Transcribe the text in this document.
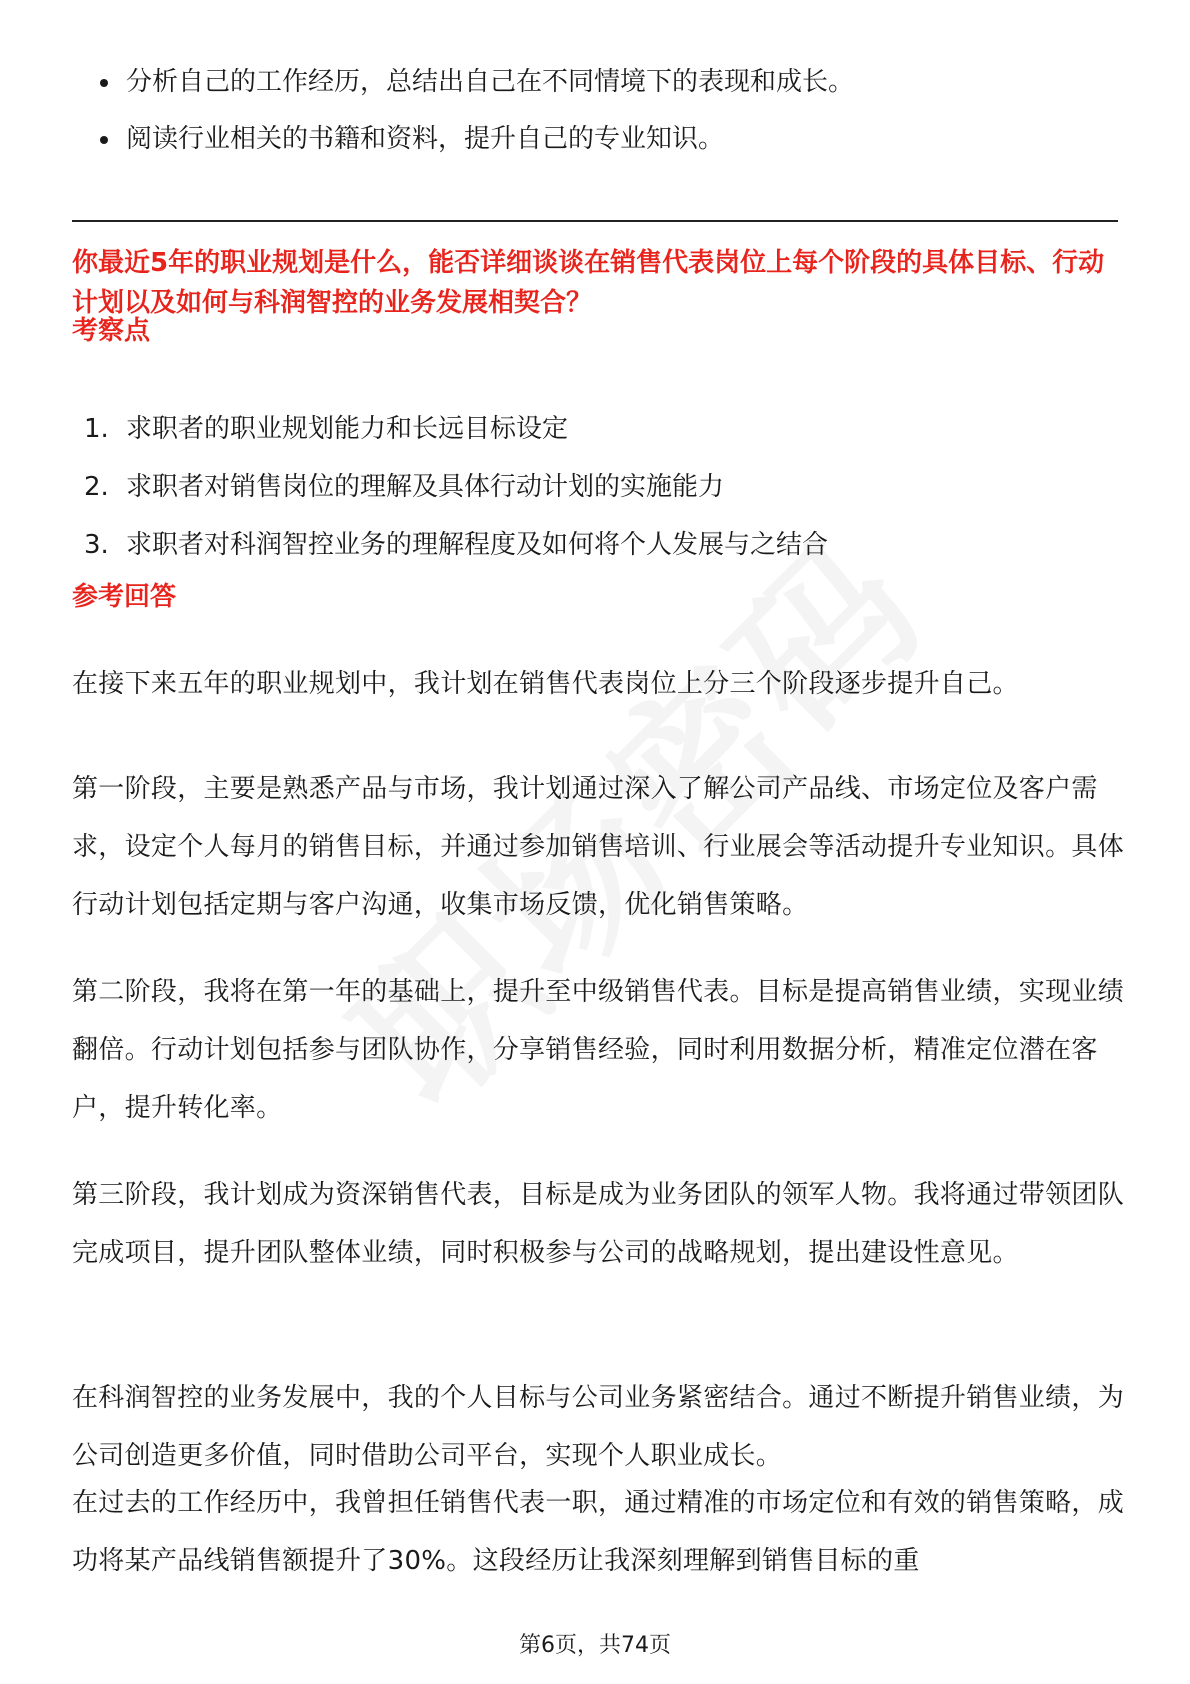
分析自己的工作经历，总结出自己在不同情境下的表现和成长。
阅读行业相关的书籍和资料，提升自己的专业知识。
你最近5年的职业规划是什么，能否详细谈谈在销售代表岗位上每个阶段的具体目标、行动计划以及如何与科润智控的业务发展相契合？
考察点
1. 求职者的职业规划能力和长远目标设定
2. 求职者对销售岗位的理解及具体行动计划的实施能力
3. 求职者对科润智控业务的理解程度及如何将个人发展与之结合
参考回答
在接下来五年的职业规划中，我计划在销售代表岗位上分三个阶段逐步提升自己。
第一阶段，主要是熟悉产品与市场，我计划通过深入了解公司产品线、市场定位及客户需求，设定个人每月的销售目标，并通过参加销售培训、行业展会等活动提升专业知识。具体行动计划包括定期与客户沟通，收集市场反馈，优化销售策略。
第二阶段，我将在第一年的基础上，提升至中级销售代表。目标是提高销售业绩，实现业绩翻倍。行动计划包括参与团队协作，分享销售经验，同时利用数据分析，精准定位潜在客户，提升转化率。
第三阶段，我计划成为资深销售代表，目标是成为业务团队的领军人物。我将通过带领团队完成项目，提升团队整体业绩，同时积极参与公司的战略规划，提出建设性意见。
在科润智控的业务发展中，我的个人目标与公司业务紧密结合。通过不断提升销售业绩，为公司创造更多价值，同时借助公司平台，实现个人职业成长。
在过去的工作经历中，我曾担任销售代表一职，通过精准的市场定位和有效的销售策略，成功将某产品线销售额提升了30%。这段经历让我深刻理解到销售目标的重
第6页，共74页
